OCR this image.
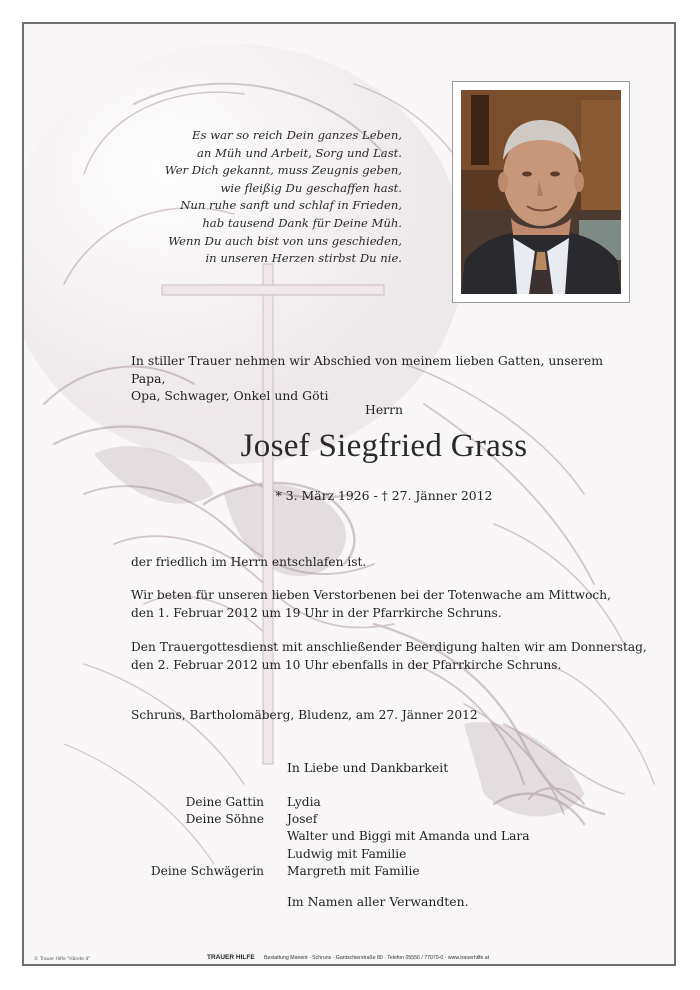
Es war so reich Dein ganzes Leben,
an Müh und Arbeit, Sorg und Last.
Wer Dich gekannt, muss Zeugnis geben,
wie fleißig Du geschaffen hast.
Nun ruhe sanft und schlaf in Frieden,
hab tausend Dank für Deine Müh.
Wenn Du auch bist von uns geschieden,
in unseren Herzen stirbst Du nie.
In stiller Trauer nehmen wir Abschied von meinem lieben Gatten, unserem Papa,
Opa, Schwager, Onkel und Göti
Herrn
Josef Siegfried Grass
* 3. März 1926 - † 27. Jänner 2012
der friedlich im Herrn entschlafen ist.
Wir beten für unseren lieben Verstorbenen bei der Totenwache am Mittwoch,
den 1. Februar 2012 um 19 Uhr in der Pfarrkirche Schruns.
Den Trauergottesdienst mit anschließender Beerdigung halten wir am Donnerstag,
den 2. Februar 2012 um 10 Uhr ebenfalls in der Pfarrkirche Schruns.
Schruns, Bartholomäberg, Bludenz, am 27. Jänner 2012
In Liebe und Dankbarkeit
Deine Gattin
Deine Söhne
Deine Schwägerin
Lydia
Josef
Walter und Biggi mit Amanda und Lara
Ludwig mit Familie
Margreth mit Familie
Im Namen aller Verwandten.
© Trauer Hilfe "Hände 4"	TRAUER HILFE Bestattung Manent · Schruns · Gantschierstraße 80 · Telefon 05556 / 77070-0 · www.trauerhilfe.at
